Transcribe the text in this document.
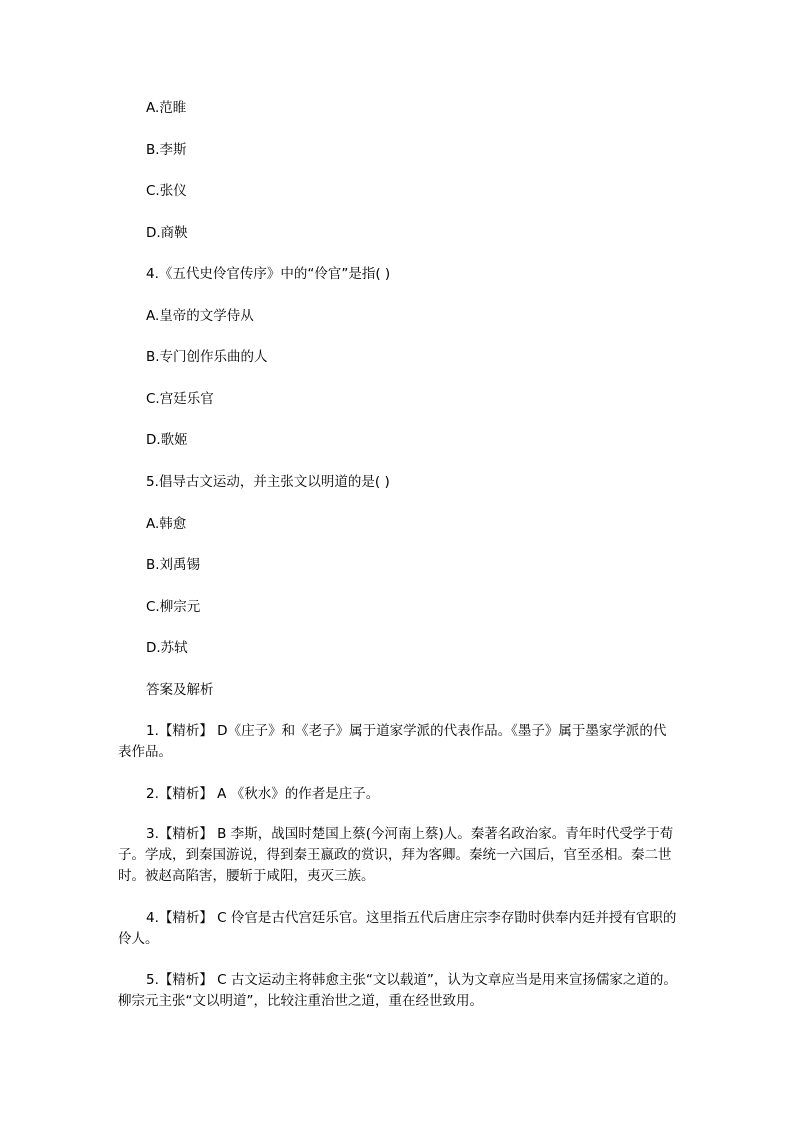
A.范睢
B.李斯
C.张仪
D.商鞅
4.《五代史伶官传序》中的“伶官”是指( )
A.皇帝的文学侍从
B.专门创作乐曲的人
C.宫廷乐官
D.歌姬
5.倡导古文运动，并主张文以明道的是( )
A.韩愈
B.刘禹锡
C.柳宗元
D.苏轼
答案及解析
1.【精析】 D《庄子》和《老子》属于道家学派的代表作品。《墨子》属于墨家学派的代表作品。
2.【精析】 A 《秋水》的作者是庄子。
3.【精析】 B 李斯，战国时楚国上蔡(今河南上蔡)人。秦著名政治家。青年时代受学于荀子。学成，到秦国游说，得到秦王嬴政的赏识，拜为客卿。秦统一六国后，官至丞相。秦二世时。被赵高陷害，腰斩于咸阳，夷灭三族。
4.【精析】 C 伶官是古代宫廷乐官。这里指五代后唐庄宗李存勖时供奉内廷并授有官职的伶人。
5.【精析】 C 古文运动主将韩愈主张“文以载道”，认为文章应当是用来宣扬儒家之道的。柳宗元主张“文以明道”，比较注重治世之道，重在经世致用。
